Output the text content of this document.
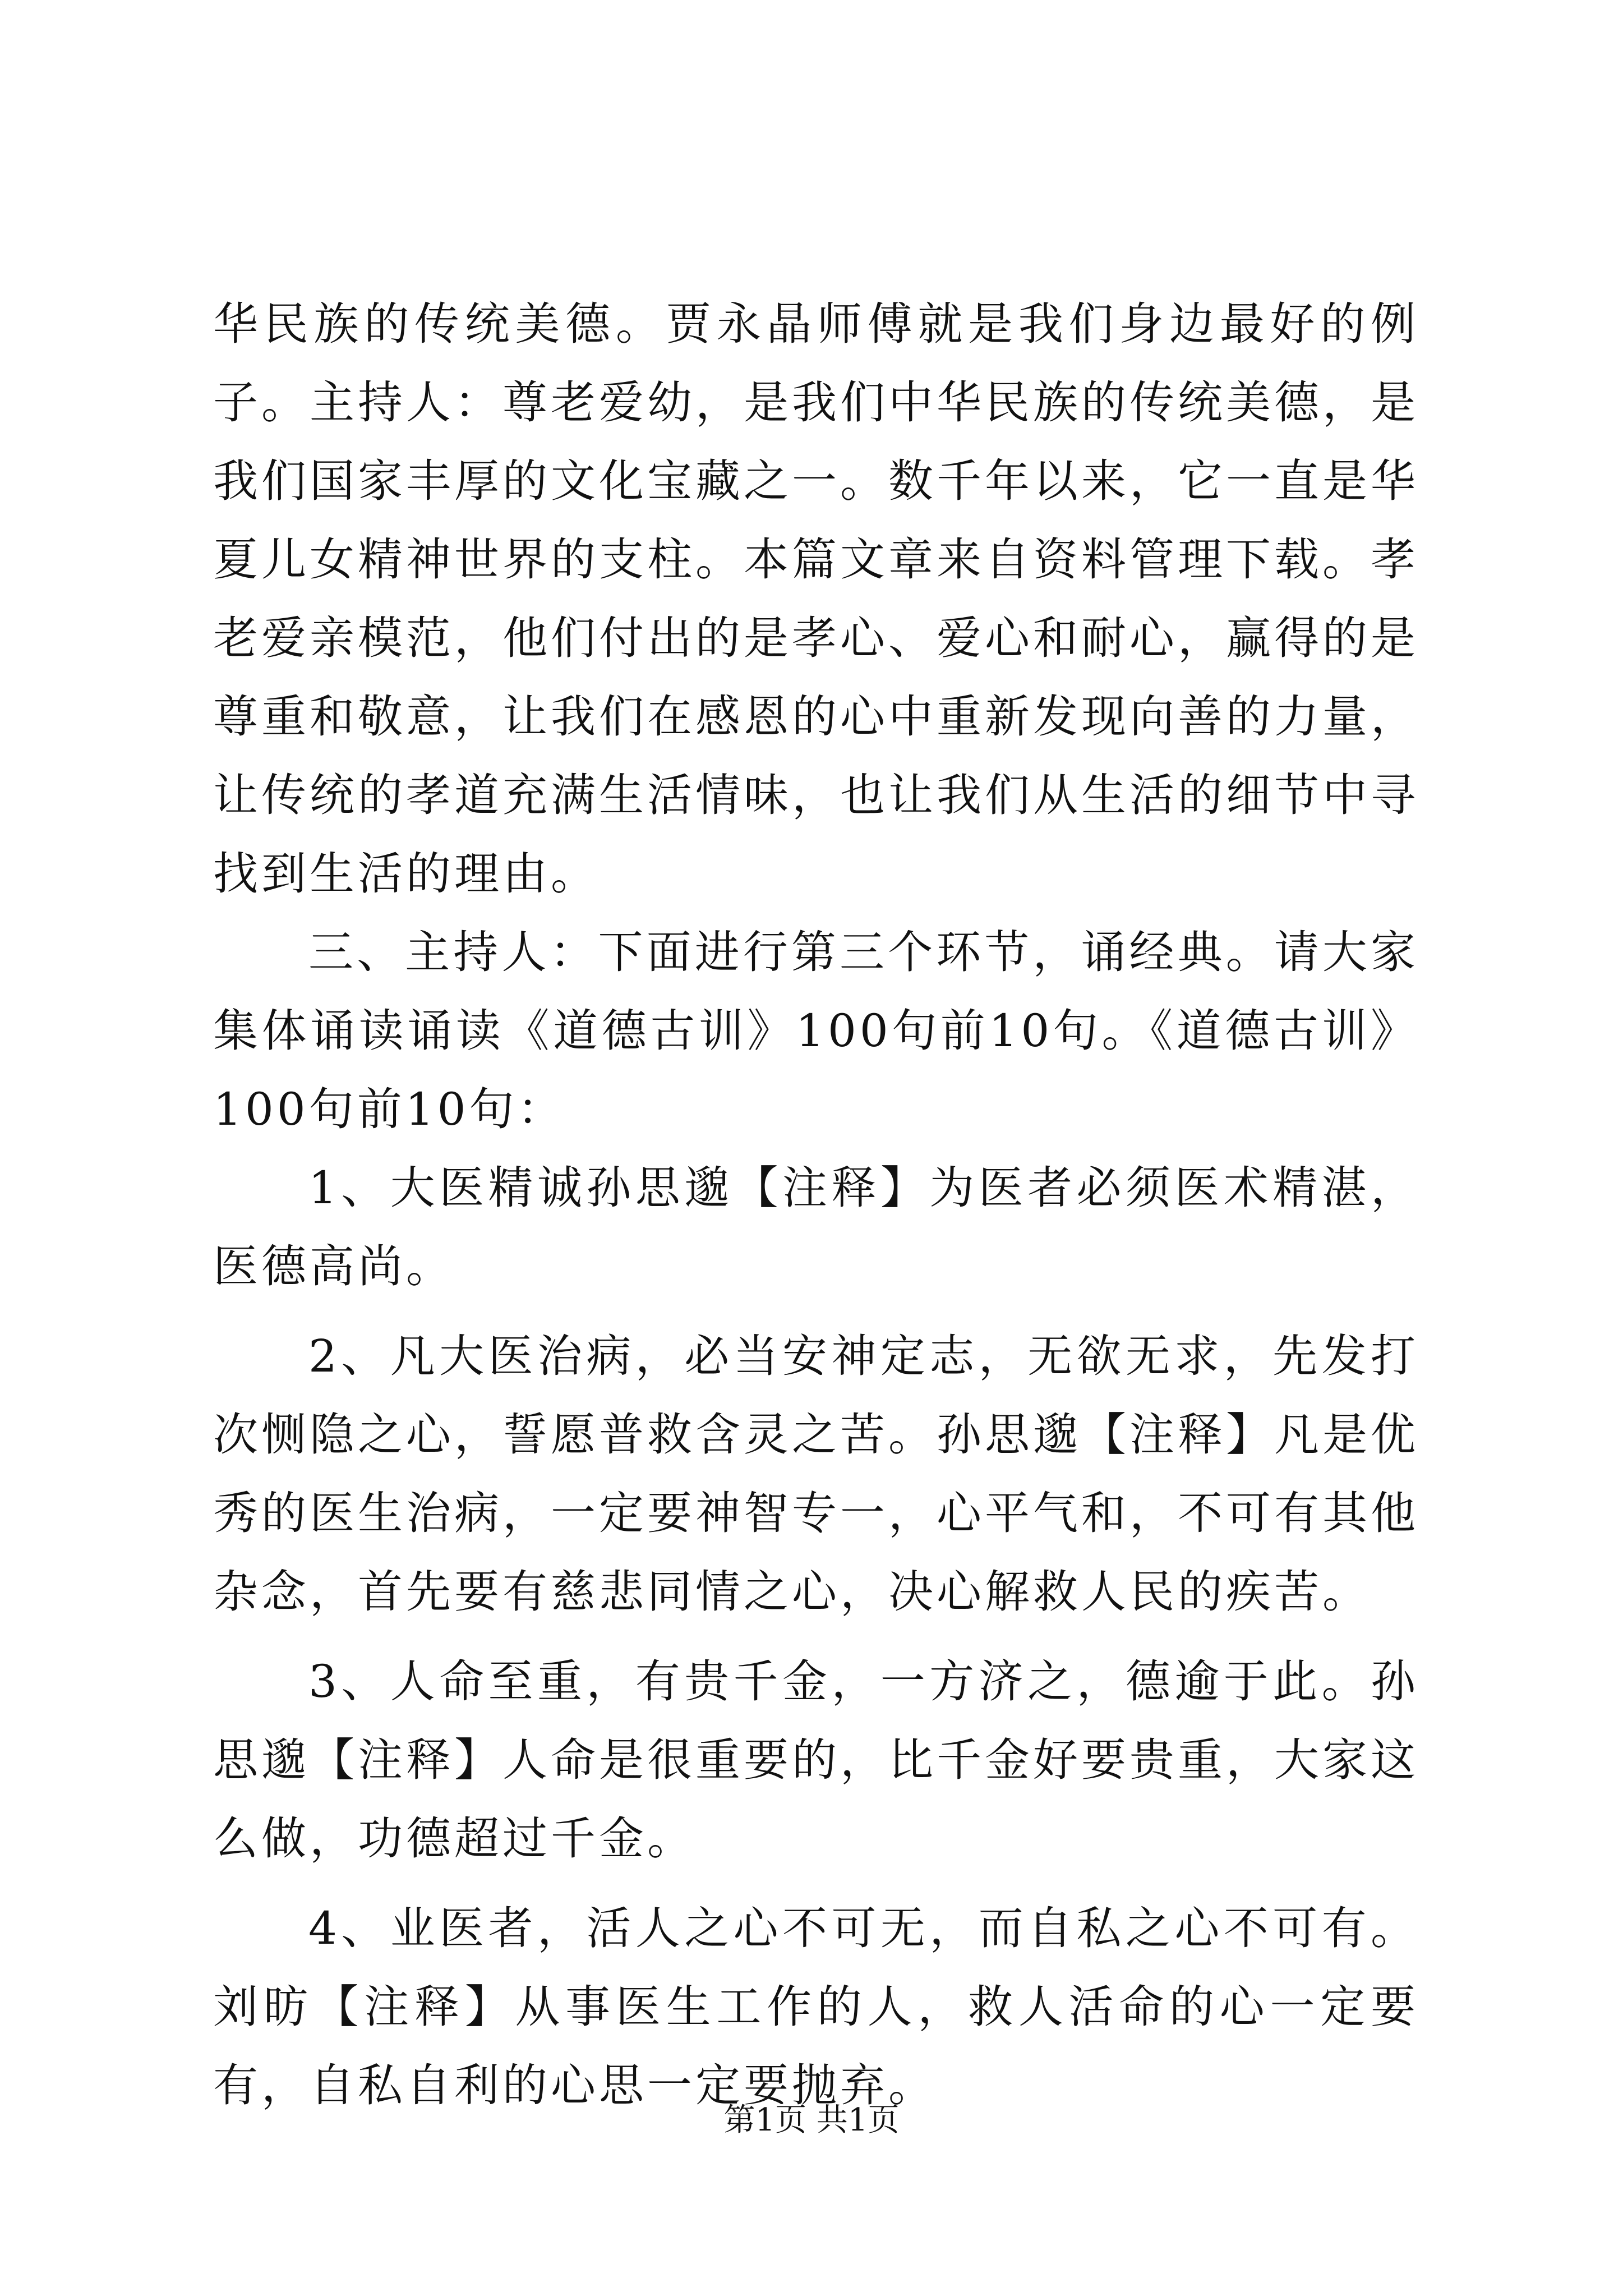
华民族的传统美德。贾永晶师傅就是我们身边最好的例子。主持人：尊老爱幼，是我们中华民族的传统美德，是我们国家丰厚的文化宝藏之一。数千年以来，它一直是华夏儿女精神世界的支柱。本篇文章来自资料管理下载。孝老爱亲模范，他们付出的是孝心、爱心和耐心，赢得的是尊重和敬意，让我们在感恩的心中重新发现向善的力量，让传统的孝道充满生活情味，也让我们从生活的细节中寻找到生活的理由。

三、主持人：下面进行第三个环节，诵经典。请大家集体诵读诵读《道德古训》100句前10句。《道德古训》100句前10句：

1、大医精诚孙思邈【注释】为医者必须医术精湛，医德高尚。

2、凡大医治病，必当安神定志，无欲无求，先发打次恻隐之心，誓愿普救含灵之苦。孙思邈【注释】凡是优秀的医生治病，一定要神智专一，心平气和，不可有其他杂念，首先要有慈悲同情之心，决心解救人民的疾苦。

3、人命至重，有贵千金，一方济之，德逾于此。孙思邈【注释】人命是很重要的，比千金好要贵重，大家这么做，功德超过千金。

4、业医者，活人之心不可无，而自私之心不可有。刘昉【注释】从事医生工作的人，救人活命的心一定要有，自私自利的心思一定要抛弃。

第1页 共1页
